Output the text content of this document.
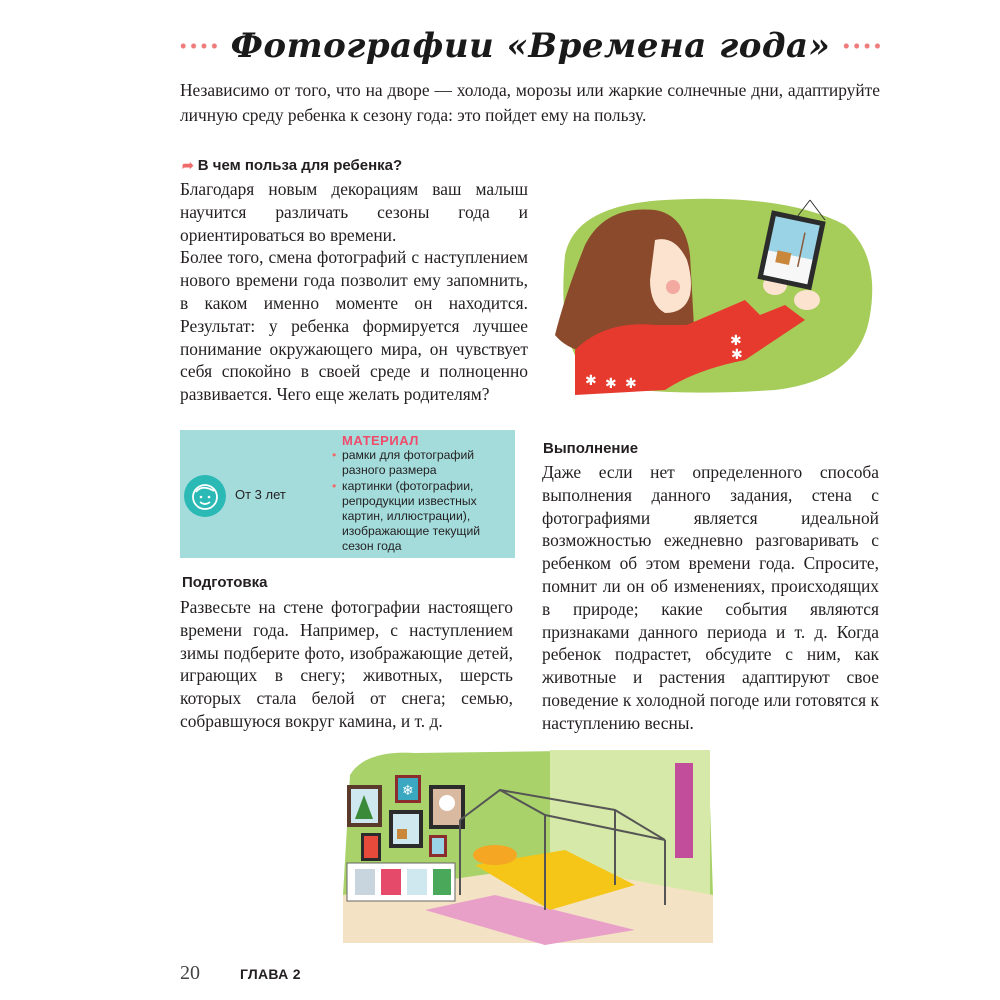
Фотографии «Времена года»

Независимо от того, что на дворе — холода, морозы или жаркие солнечные дни, адаптируйте личную среду ребенка к сезону года: это пойдет ему на пользу.

➦ В чем польза для ребенка?

Благодаря новым декорациям ваш малыш научится различать сезоны года и ориентироваться во времени.

Более того, смена фотографий с наступлением нового времени года позволит ему запомнить, в каком именно моменте он находится. Результат: у ребенка формируется лучшее понимание окружающего мира, он чувствует себя спокойно в своей среде и полноценно развивается. Чего еще желать родителям?

✱ ✱ ✱
✱
✱
От 3 лет
МАТЕРИАЛ
• рамки для фотографий разного размера
• картинки (фотографии, репродукции известных картин, иллюстрации), изображающие текущий сезон года
Подготовка
Развесьте на стене фотографии настоящего времени года. Например, с наступлением зимы подберите фото, изображающие детей, играющих в снегу; животных, шерсть которых стала белой от снега; семью, собравшуюся вокруг камина, и т. д.
Выполнение
Даже если нет определенного способа выполнения данного задания, стена с фотографиями является идеальной возможностью ежедневно разговаривать с ребенком об этом времени года. Спросите, помнит ли он об изменениях, происходящих в природе; какие события являются признаками данного периода и т. д. Когда ребенок подрастет, обсудите с ним, как животные и растения адаптируют свое поведение к холодной погоде или готовятся к наступлению весны.
❄
20	ГЛАВА 2
